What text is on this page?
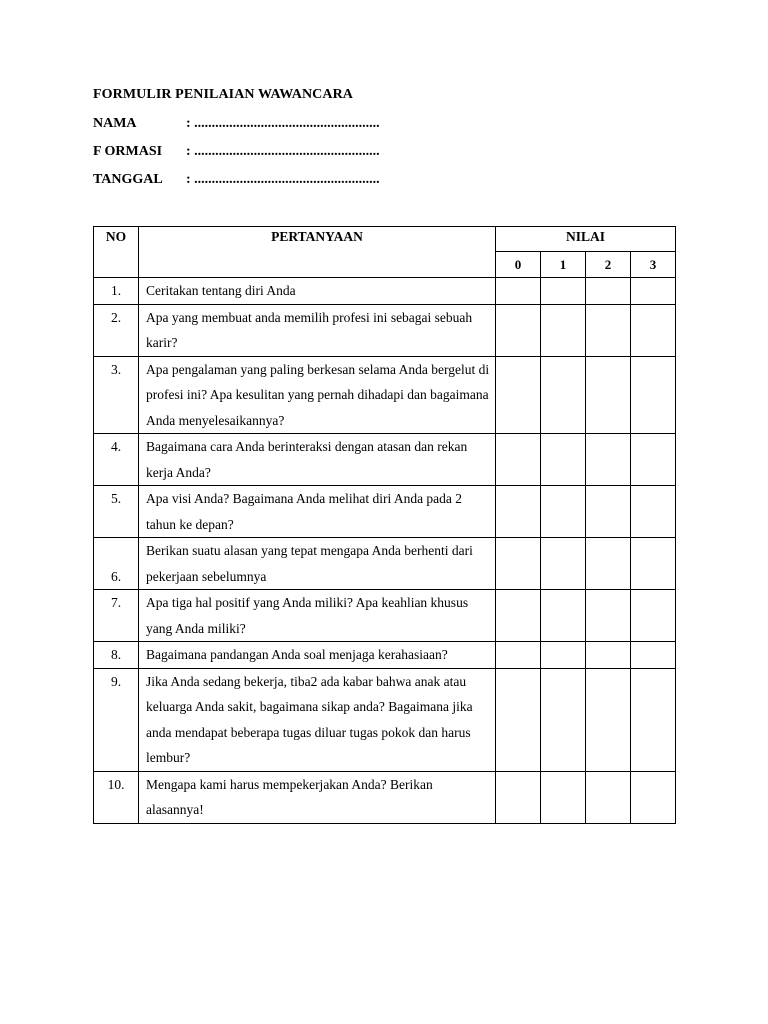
FORMULIR PENILAIAN WAWANCARA
NAMA	: .....................................................
F ORMASI : .....................................................
TANGGAL : .....................................................
NO	PERTANYAAN	NILAI			
		0	1	2	3
1.	Ceritakan tentang diri Anda				
2.	Apa yang membuat anda memilih profesi ini sebagai sebuah karir?				
3.	Apa pengalaman yang paling berkesan selama Anda bergelut di profesi ini? Apa kesulitan yang pernah dihadapi dan bagaimana Anda menyelesaikannya?				
4.	Bagaimana cara Anda berinteraksi dengan atasan dan rekan kerja Anda?				
5.	Apa visi Anda? Bagaimana Anda melihat diri Anda pada 2 tahun ke depan?				
6.	Berikan suatu alasan yang tepat mengapa Anda berhenti dari pekerjaan sebelumnya				
7.	Apa tiga hal positif yang Anda miliki? Apa keahlian khusus yang Anda miliki?				
8.	Bagaimana pandangan Anda soal menjaga kerahasiaan?				
9.	Jika Anda sedang bekerja, tiba2 ada kabar bahwa anak atau keluarga Anda sakit, bagaimana sikap anda? Bagaimana jika anda mendapat beberapa tugas diluar tugas pokok dan harus lembur?				
10.	Mengapa kami harus mempekerjakan Anda? Berikan alasannya!				
